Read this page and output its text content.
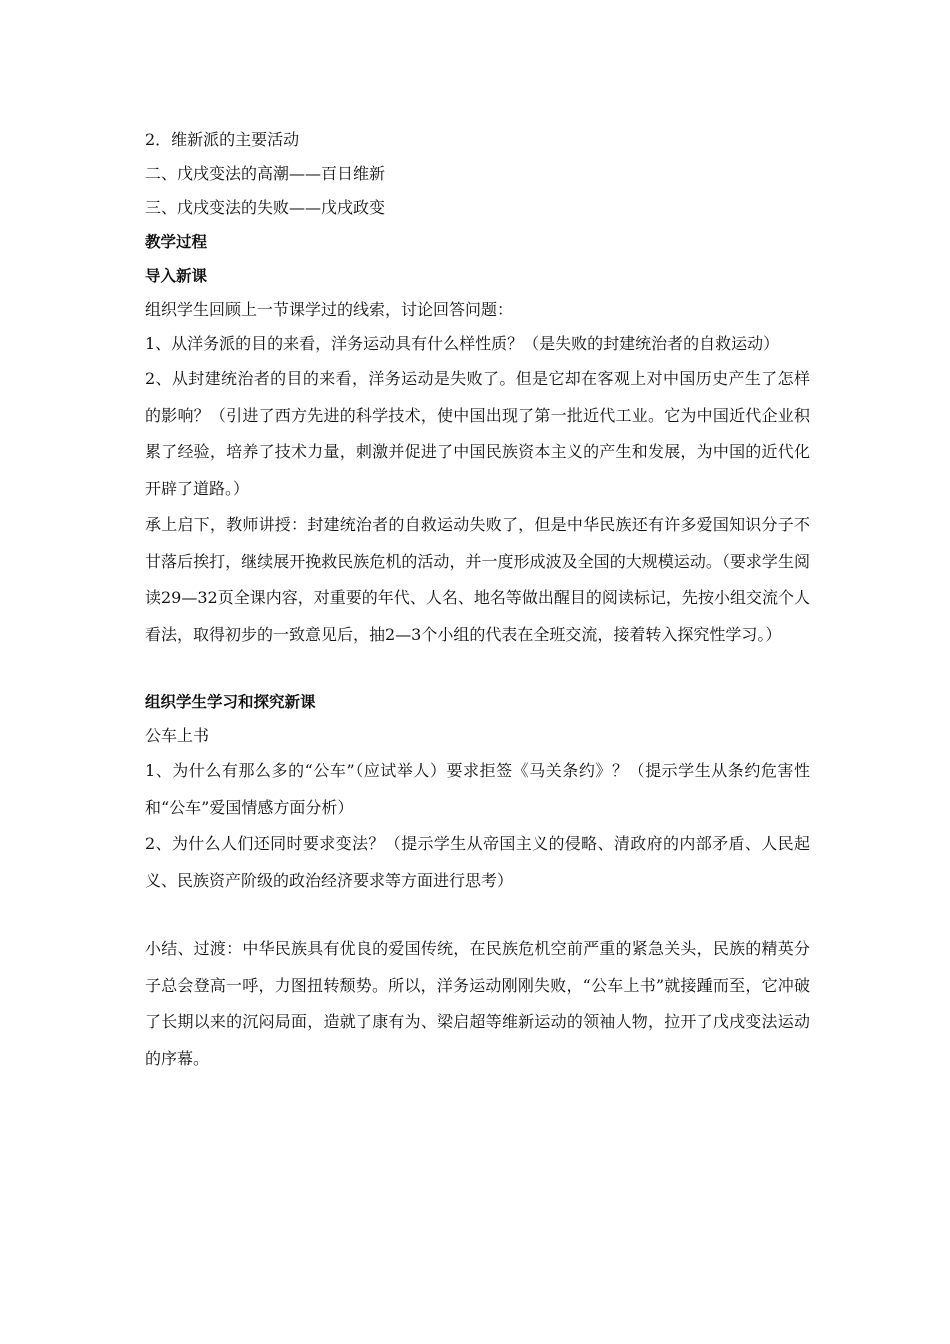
2．维新派的主要活动

二、戊戌变法的高潮——百日维新

三、戊戌变法的失败——戊戌政变

教学过程

导入新课

组织学生回顾上一节课学过的线索，讨论回答问题：

1、从洋务派的目的来看，洋务运动具有什么样性质？（是失败的封建统治者的自救运动）

2、从封建统治者的目的来看，洋务运动是失败了。但是它却在客观上对中国历史产生了怎样的影响？（引进了西方先进的科学技术，使中国出现了第一批近代工业。它为中国近代企业积累了经验，培养了技术力量，刺激并促进了中国民族资本主义的产生和发展，为中国的近代化开辟了道路。）

承上启下，教师讲授：封建统治者的自救运动失败了，但是中华民族还有许多爱国知识分子不甘落后挨打，继续展开挽救民族危机的活动，并一度形成波及全国的大规模运动。（要求学生阅读29—32页全课内容，对重要的年代、人名、地名等做出醒目的阅读标记，先按小组交流个人看法，取得初步的一致意见后，抽2—3个小组的代表在全班交流，接着转入探究性学习。）

组织学生学习和探究新课

公车上书

1、为什么有那么多的“公车”（应试举人）要求拒签《马关条约》？（提示学生从条约危害性和“公车”爱国情感方面分析）

2、为什么人们还同时要求变法？（提示学生从帝国主义的侵略、清政府的内部矛盾、人民起义、民族资产阶级的政治经济要求等方面进行思考）

小结、过渡：中华民族具有优良的爱国传统，在民族危机空前严重的紧急关头，民族的精英分子总会登高一呼，力图扭转颓势。所以，洋务运动刚刚失败，“公车上书”就接踵而至，它冲破了长期以来的沉闷局面，造就了康有为、梁启超等维新运动的领袖人物，拉开了戊戌变法运动的序幕。
